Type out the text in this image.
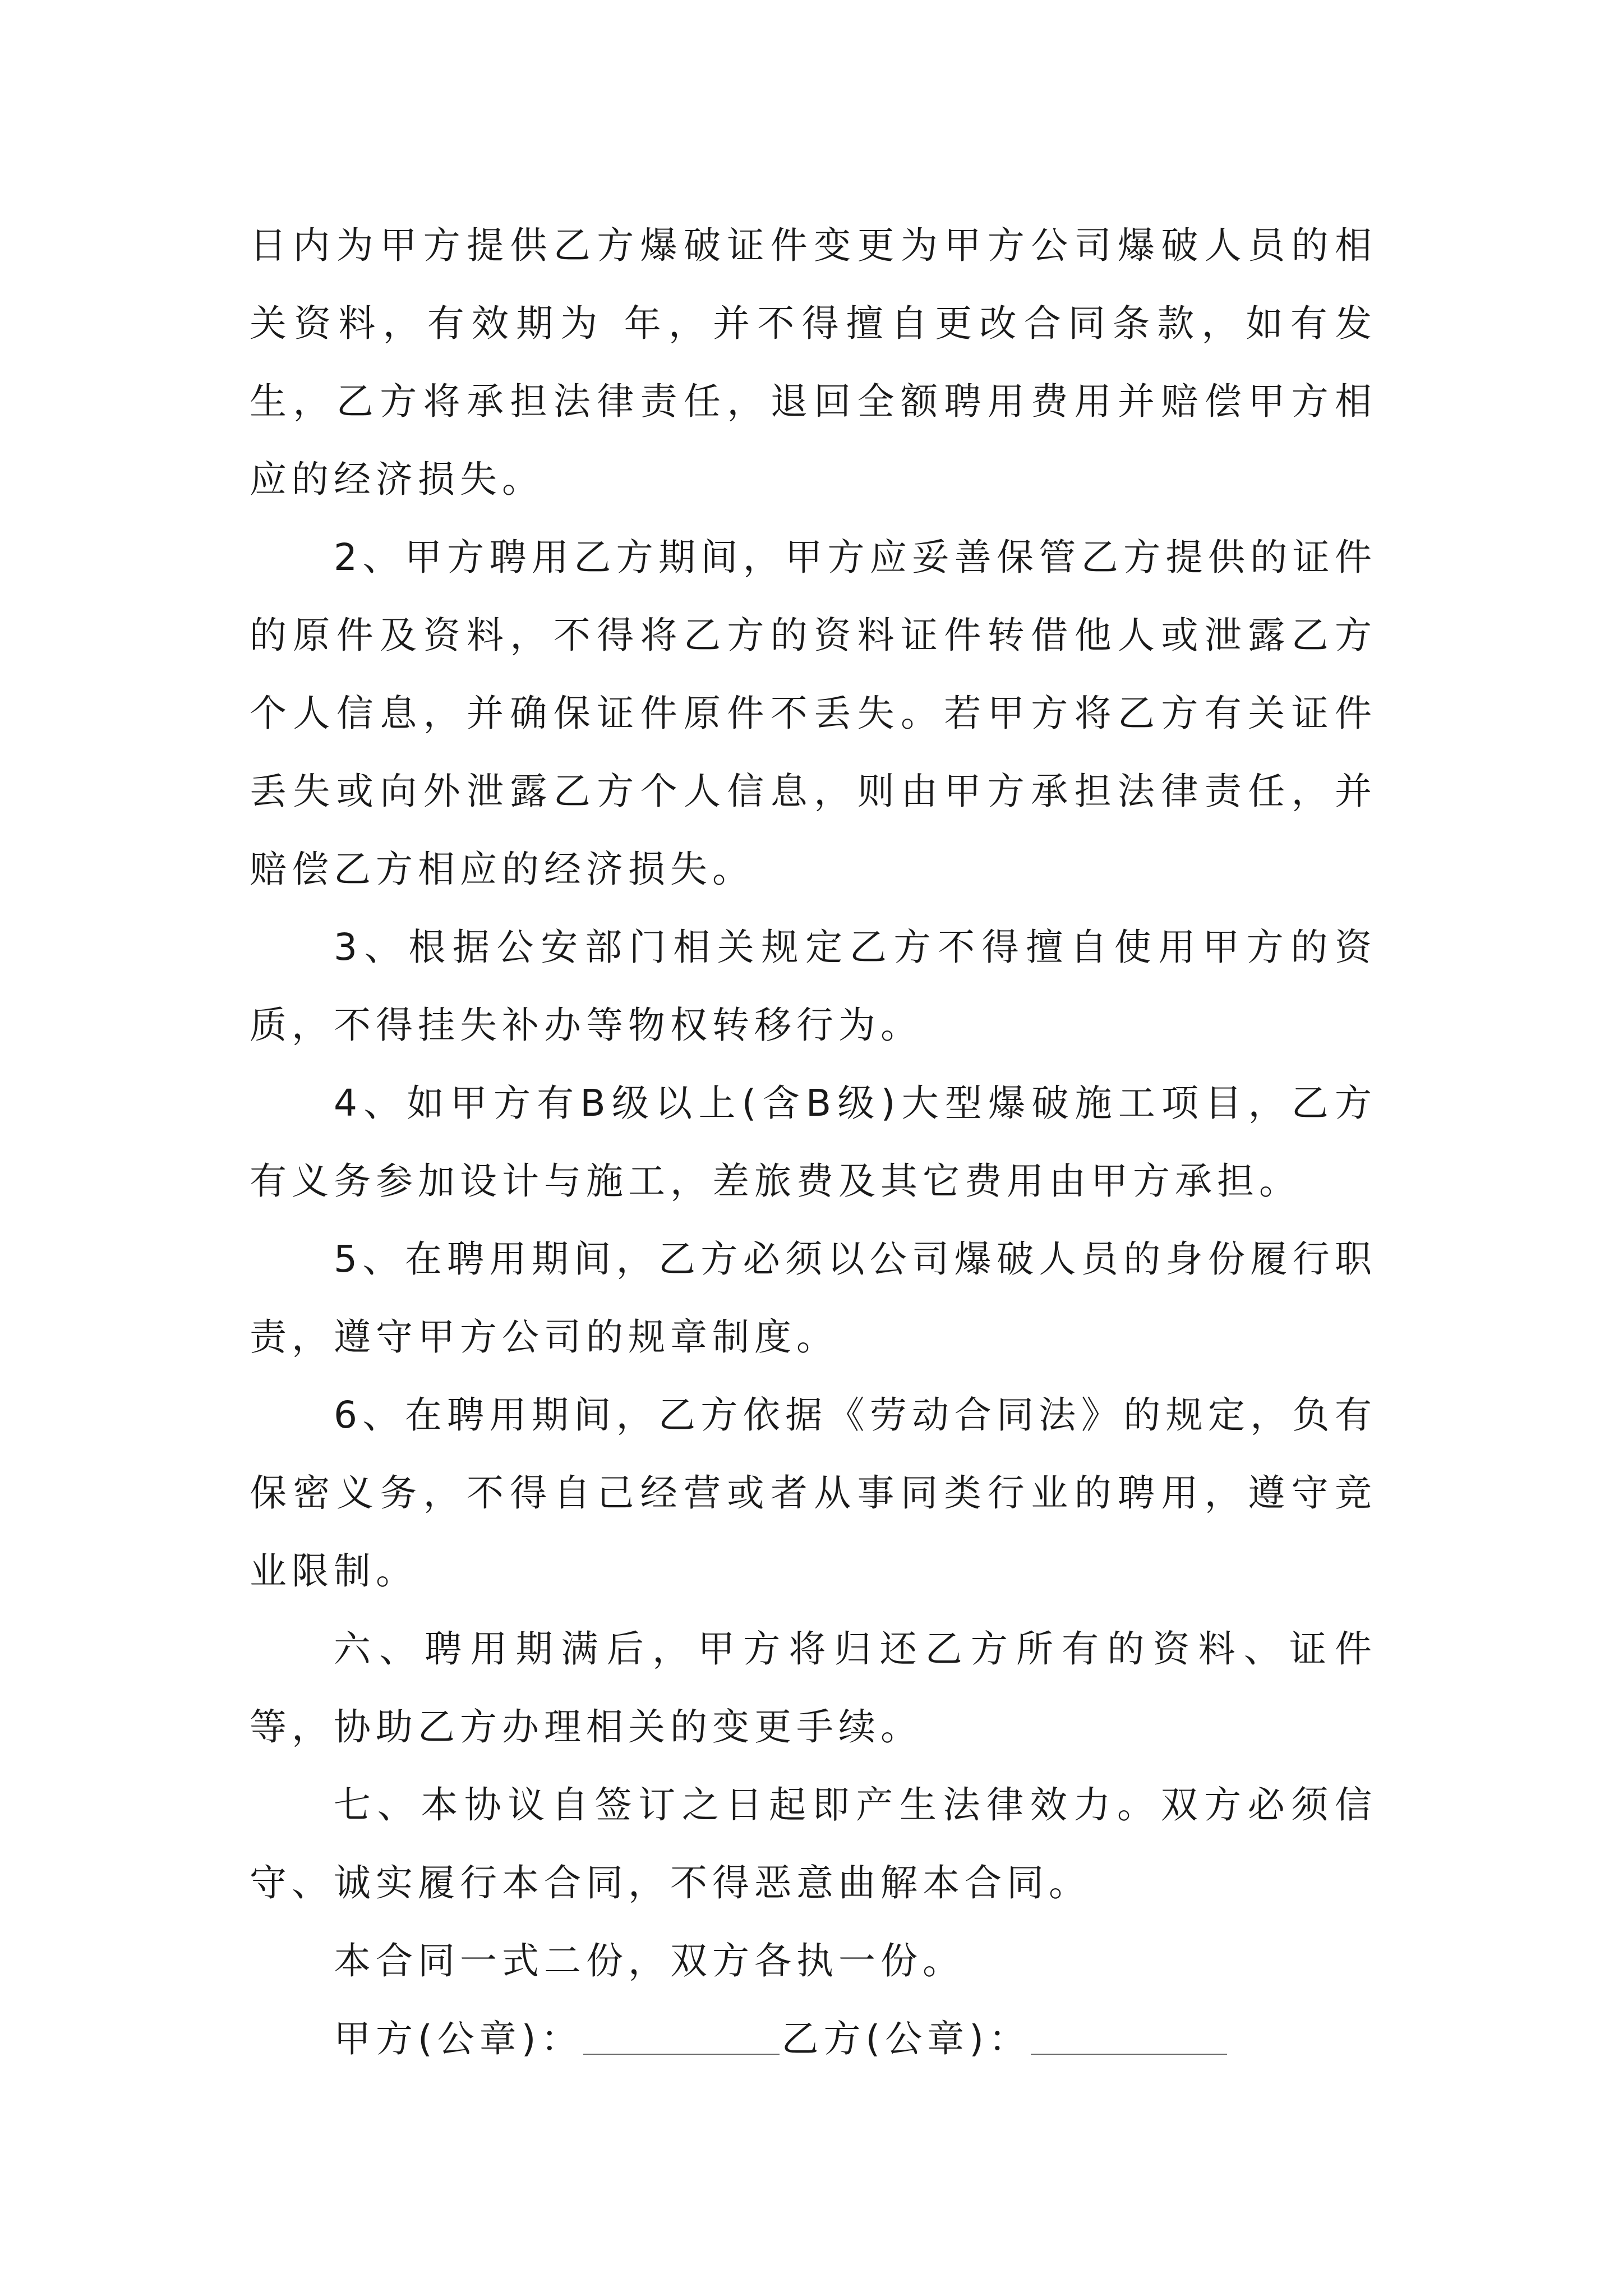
日内为甲方提供乙方爆破证件变更为甲方公司爆破人员的相关资料，有效期为 年，并不得擅自更改合同条款，如有发生，乙方将承担法律责任，退回全额聘用费用并赔偿甲方相应的经济损失。

2、甲方聘用乙方期间，甲方应妥善保管乙方提供的证件的原件及资料，不得将乙方的资料证件转借他人或泄露乙方个人信息，并确保证件原件不丢失。若甲方将乙方有关证件丢失或向外泄露乙方个人信息，则由甲方承担法律责任，并赔偿乙方相应的经济损失。

3、根据公安部门相关规定乙方不得擅自使用甲方的资质，不得挂失补办等物权转移行为。

4、如甲方有B级以上(含B级)大型爆破施工项目，乙方有义务参加设计与施工，差旅费及其它费用由甲方承担。

5、在聘用期间，乙方必须以公司爆破人员的身份履行职责，遵守甲方公司的规章制度。

6、在聘用期间，乙方依据《劳动合同法》的规定，负有保密义务，不得自己经营或者从事同类行业的聘用，遵守竞业限制。

六、聘用期满后，甲方将归还乙方所有的资料、证件等，协助乙方办理相关的变更手续。

七、本协议自签订之日起即产生法律效力。双方必须信守、诚实履行本合同，不得恶意曲解本合同。

本合同一式二份，双方各执一份。

甲方(公章)：	乙方(公章)：
